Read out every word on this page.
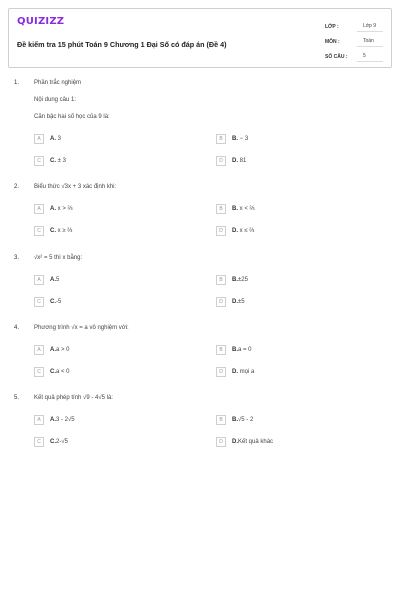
QUIZIZZ
Đề kiểm tra 15 phút Toán 9 Chương 1 Đại Số có đáp án (Đề 4)
LỚP :	Lớp 9
MÔN :	Toán
SỐ CÂU :	5
1. Phần trắc nghiệm
Nội dung câu 1:
Căn bậc hai số học của 9 là:
A	A. 3	B	B. − 3
C	C. ± 3	D	D. 81
2. Biểu thức √3x + 3 xác định khi:
A	A. x > ⅔	B	B. x < ⅔
C	C. x ≥ ⅔	D	D. x ≤ ⅔
3. √x² = 5 thì x bằng:
A	A.5	B	B.±25
C	C.-5	D	D.±5
4. Phương trình √x = a vô nghiệm với:
A	A.a > 0	B	B.a = 0
C	C.a < 0	D	D. mọi a
5. Kết quả phép tính √9 - 4√5 là:
A	A.3 - 2√5	B	B.√5 - 2
C	C.2-√5	D	D.Kết quả khác
